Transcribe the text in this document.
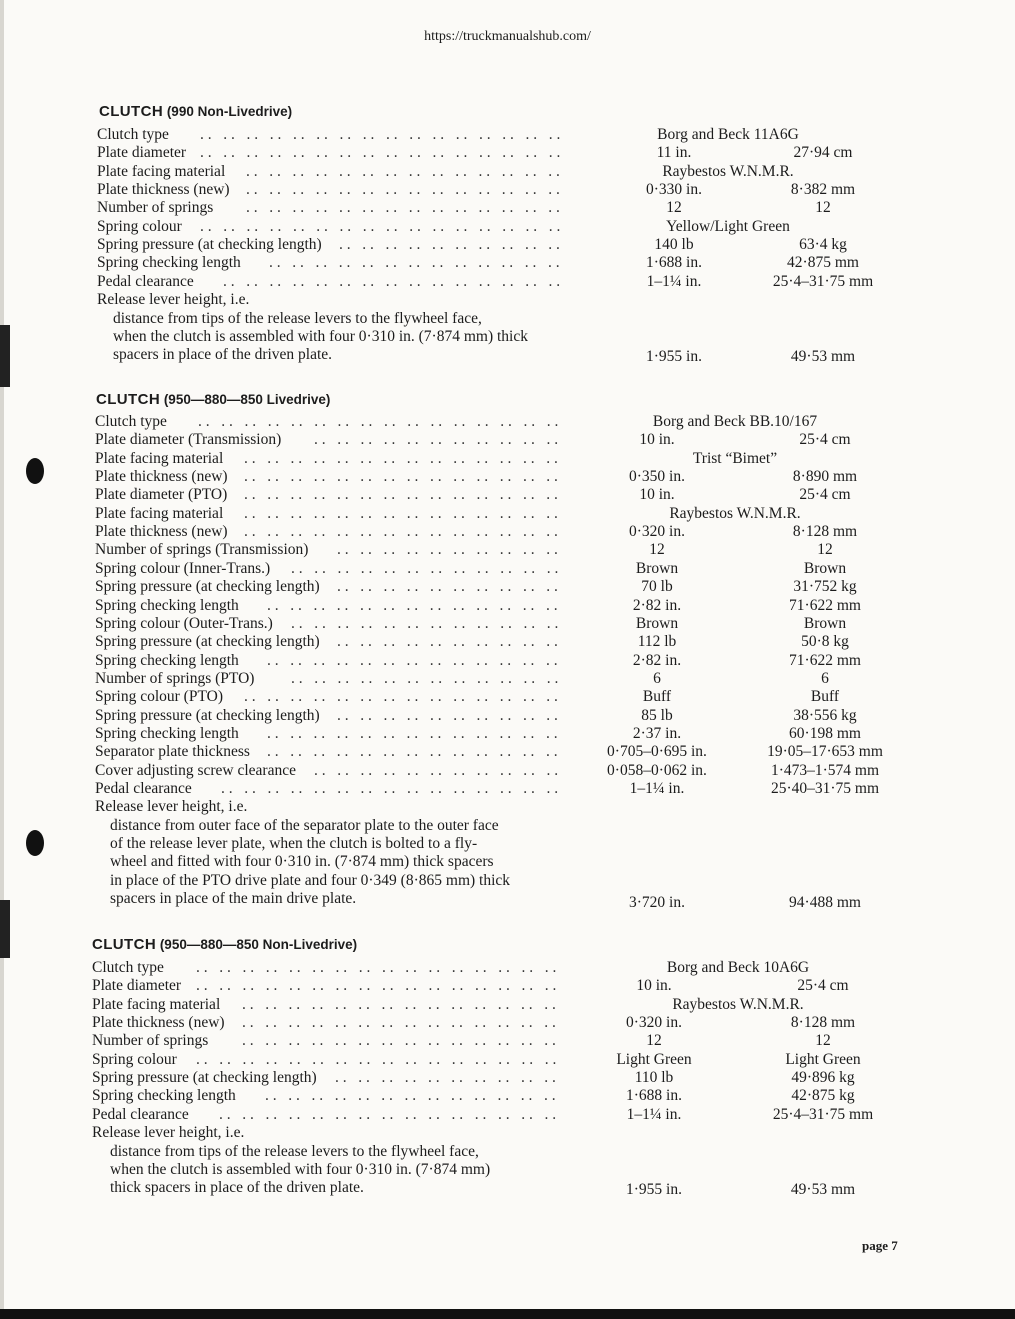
https://truckmanualshub.com/
CLUTCH (990 Non-Livedrive)
Clutch type . .   . .   . .   . .   . .   . .   . .   . .   . .   . .   . .   . .   . .   . .   . .   . .	Borg and Beck 11A6G
Plate diameter . .   . .   . .   . .   . .   . .   . .   . .   . .   . .   . .   . .   . .   . .   . .   . .	11 in.	27·94 cm
Plate facing material . .   . .   . .   . .   . .   . .   . .   . .   . .   . .   . .   . .   . .   . .	Raybestos W.N.M.R.
Plate thickness (new) . .   . .   . .   . .   . .   . .   . .   . .   . .   . .   . .   . .   . .   . .	0·330 in.	8·382 mm
Number of springs . .   . .   . .   . .   . .   . .   . .   . .   . .   . .   . .   . .   . .   . .	12	12
Spring colour . .   . .   . .   . .   . .   . .   . .   . .   . .   . .   . .   . .   . .   . .   . .   . .	Yellow/Light Green
Spring pressure (at checking length) . .   . .   . .   . .   . .   . .   . .   . .   . .   . .	140 lb	63·4 kg
Spring checking length . .   . .   . .   . .   . .   . .   . .   . .   . .   . .   . .   . .   . .	1·688 in.	42·875 mm
Pedal clearance . .   . .   . .   . .   . .   . .   . .   . .   . .   . .   . .   . .   . .   . .   . .	1–1¼ in.	25·4–31·75 mm
Release lever height, i.e.
distance from tips of the release levers to the flywheel face,
when the clutch is assembled with four 0·310 in. (7·874 mm) thick
spacers in place of the driven plate.	1·955 in.	49·53 mm
CLUTCH (950—880—850 Livedrive)
Clutch type . .   . .   . .   . .   . .   . .   . .   . .   . .   . .   . .   . .   . .   . .   . .   . .	Borg and Beck BB.10/167
Plate diameter (Transmission) . .   . .   . .   . .   . .   . .   . .   . .   . .   . .   . .	10 in.	25·4 cm
Plate facing material . .   . .   . .   . .   . .   . .   . .   . .   . .   . .   . .   . .   . .   . .	Trist “Bimet”
Plate thickness (new) . .   . .   . .   . .   . .   . .   . .   . .   . .   . .   . .   . .   . .   . .	0·350 in.	8·890 mm
Plate diameter (PTO) . .   . .   . .   . .   . .   . .   . .   . .   . .   . .   . .   . .   . .   . .	10 in.	25·4 cm
Plate facing material . .   . .   . .   . .   . .   . .   . .   . .   . .   . .   . .   . .   . .   . .	Raybestos W.N.M.R.
Plate thickness (new) . .   . .   . .   . .   . .   . .   . .   . .   . .   . .   . .   . .   . .   . .	0·320 in.	8·128 mm
Number of springs (Transmission) . .   . .   . .   . .   . .   . .   . .   . .   . .   . .	12	12
Spring colour (Inner-Trans.) . .   . .   . .   . .   . .   . .   . .   . .   . .   . .   . .   . .	Brown	Brown
Spring pressure (at checking length) . .   . .   . .   . .   . .   . .   . .   . .   . .   . .	70 lb	31·752 kg
Spring checking length . .   . .   . .   . .   . .   . .   . .   . .   . .   . .   . .   . .   . .	2·82 in.	71·622 mm
Spring colour (Outer-Trans.) . .   . .   . .   . .   . .   . .   . .   . .   . .   . .   . .   . .	Brown	Brown
Spring pressure (at checking length) . .   . .   . .   . .   . .   . .   . .   . .   . .   . .	112 lb	50·8 kg
Spring checking length . .   . .   . .   . .   . .   . .   . .   . .   . .   . .   . .   . .   . .	2·82 in.	71·622 mm
Number of springs (PTO) . .   . .   . .   . .   . .   . .   . .   . .   . .   . .   . .   . .	6	6
Spring colour (PTO) . .   . .   . .   . .   . .   . .   . .   . .   . .   . .   . .   . .   . .   . .	Buff	Buff
Spring pressure (at checking length) . .   . .   . .   . .   . .   . .   . .   . .   . .   . .	85 lb	38·556 kg
Spring checking length . .   . .   . .   . .   . .   . .   . .   . .   . .   . .   . .   . .   . .	2·37 in.	60·198 mm
Separator plate thickness . .   . .   . .   . .   . .   . .   . .   . .   . .   . .   . .   . .   . .	0·705–0·695 in.	19·05–17·653 mm
Cover adjusting screw clearance . .   . .   . .   . .   . .   . .   . .   . .   . .   . .   . .	0·058–0·062 in.	1·473–1·574 mm
Pedal clearance . .   . .   . .   . .   . .   . .   . .   . .   . .   . .   . .   . .   . .   . .   . .	1–1¼ in.	25·40–31·75 mm
Release lever height, i.e.
distance from outer face of the separator plate to the outer face
of the release lever plate, when the clutch is bolted to a fly-
wheel and fitted with four 0·310 in. (7·874 mm) thick spacers
in place of the PTO drive plate and four 0·349 (8·865 mm) thick
spacers in place of the main drive plate.	3·720 in.	94·488 mm
CLUTCH (950—880—850 Non-Livedrive)
Clutch type . .   . .   . .   . .   . .   . .   . .   . .   . .   . .   . .   . .   . .   . .   . .   . .	Borg and Beck 10A6G
Plate diameter . .   . .   . .   . .   . .   . .   . .   . .   . .   . .   . .   . .   . .   . .   . .   . .	10 in.	25·4 cm
Plate facing material . .   . .   . .   . .   . .   . .   . .   . .   . .   . .   . .   . .   . .   . .	Raybestos W.N.M.R.
Plate thickness (new) . .   . .   . .   . .   . .   . .   . .   . .   . .   . .   . .   . .   . .   . .	0·320 in.	8·128 mm
Number of springs . .   . .   . .   . .   . .   . .   . .   . .   . .   . .   . .   . .   . .   . .	12	12
Spring colour . .   . .   . .   . .   . .   . .   . .   . .   . .   . .   . .   . .   . .   . .   . .   . .	Light Green	Light Green
Spring pressure (at checking length) . .   . .   . .   . .   . .   . .   . .   . .   . .   . .	110 lb	49·896 kg
Spring checking length . .   . .   . .   . .   . .   . .   . .   . .   . .   . .   . .   . .   . .	1·688 in.	42·875 kg
Pedal clearance . .   . .   . .   . .   . .   . .   . .   . .   . .   . .   . .   . .   . .   . .   . .	1–1¼ in.	25·4–31·75 mm
Release lever height, i.e.
distance from tips of the release levers to the flywheel face,
when the clutch is assembled with four 0·310 in. (7·874 mm)
thick spacers in place of the driven plate.	1·955 in.	49·53 mm
page 7
